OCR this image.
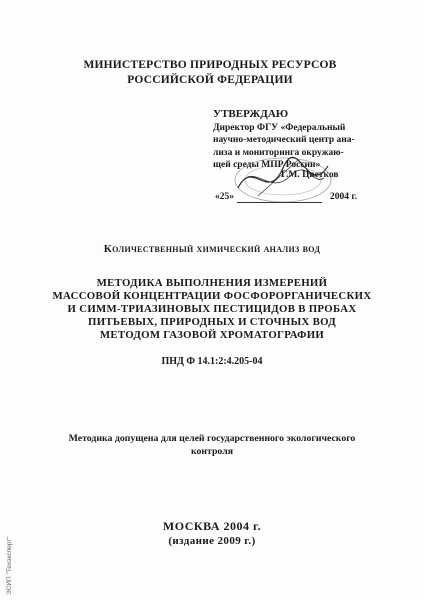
МИНИСТЕРСТВО ПРИРОДНЫХ РЕСУРСОВ
РОССИЙСКОЙ ФЕДЕРАЦИИ
УТВЕРЖДАЮ
Директор ФГУ «Федеральный
научно-методический центр ана-
лиза и мониторинга окружаю-
щей среды МПР России»
Г.М. Цветков
«25»	2004 г.
Количественный химический анализ вод
МЕТОДИКА ВЫПОЛНЕНИЯ ИЗМЕРЕНИЙ
МАССОВОЙ КОНЦЕНТРАЦИИ ФОСФОРОРГАНИЧЕСКИХ
И СИММ-ТРИАЗИНОВЫХ ПЕСТИЦИДОВ В ПРОБАХ
ПИТЬЕВЫХ, ПРИРОДНЫХ И СТОЧНЫХ ВОД
МЕТОДОМ ГАЗОВОЙ ХРОМАТОГРАФИИ
ПНД Ф 14.1:2:4.205-04
Методика допущена для целей государственного экологического
контроля
МОСКВА 2004 г.
(издание 2009 г.)
ЭСИП "Техэксперт"
